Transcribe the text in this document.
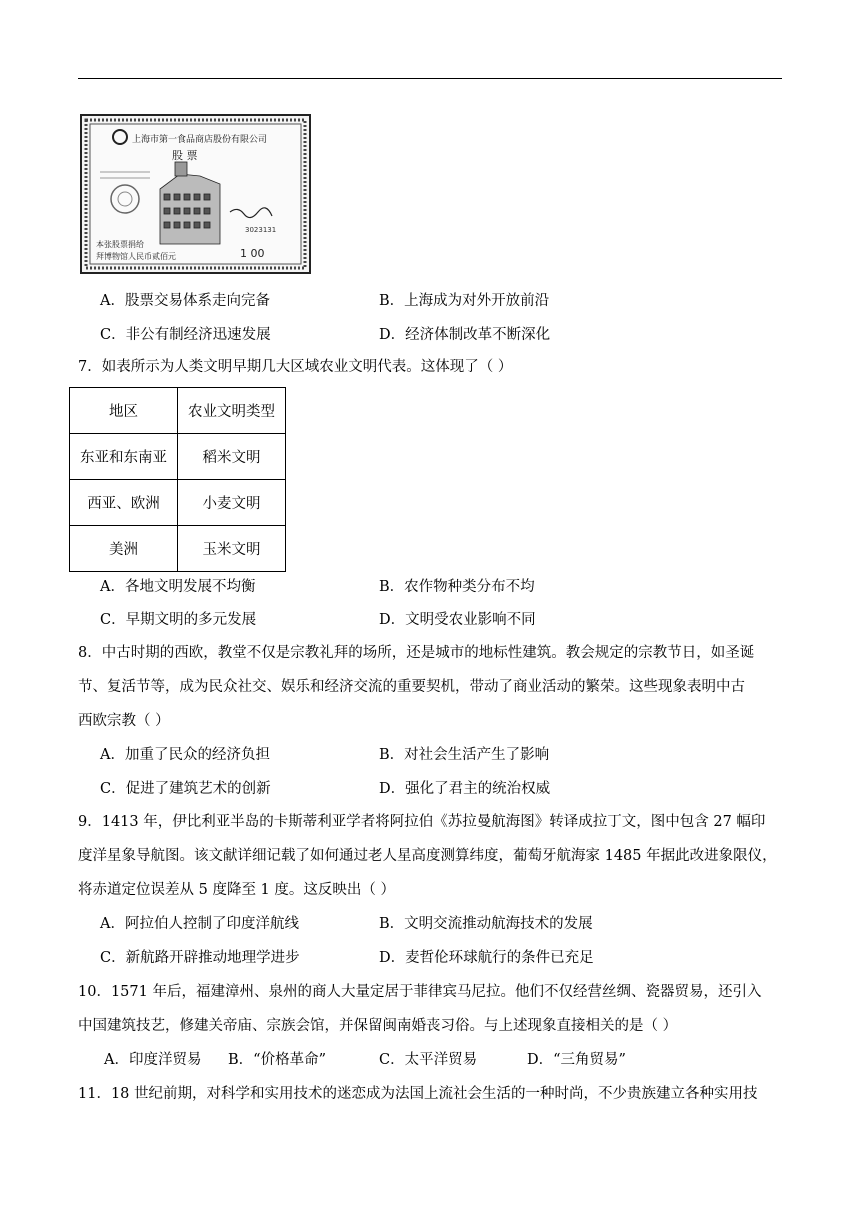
上海市第一食品商店股份有限公司
股 票
3023131
本张股票捐给
拜博物馆人民币贰佰元	1 00
A．股票交易体系走向完备	B．上海成为对外开放前沿
C．非公有制经济迅速发展	D．经济体制改革不断深化
7．如表所示为人类文明早期几大区域农业文明代表。这体现了（ ）
地区	农业文明类型
东亚和东南亚	稻米文明
西亚、欧洲	小麦文明
美洲	玉米文明
A．各地文明发展不均衡	B．农作物种类分布不均
C．早期文明的多元发展	D．文明受农业影响不同
8．中古时期的西欧，教堂不仅是宗教礼拜的场所，还是城市的地标性建筑。教会规定的宗教节日，如圣诞
节、复活节等，成为民众社交、娱乐和经济交流的重要契机，带动了商业活动的繁荣。这些现象表明中古
西欧宗教（ ）
A．加重了民众的经济负担	B．对社会生活产生了影响
C．促进了建筑艺术的创新	D．强化了君主的统治权威
9．1413 年，伊比利亚半岛的卡斯蒂利亚学者将阿拉伯《苏拉曼航海图》转译成拉丁文，图中包含 27 幅印
度洋星象导航图。该文献详细记载了如何通过老人星高度测算纬度，葡萄牙航海家 1485 年据此改进象限仪，
将赤道定位误差从 5 度降至 1 度。这反映出（ ）
A．阿拉伯人控制了印度洋航线	B．文明交流推动航海技术的发展
C．新航路开辟推动地理学进步	D．麦哲伦环球航行的条件已充足
10．1571 年后，福建漳州、泉州的商人大量定居于菲律宾马尼拉。他们不仅经营丝绸、瓷器贸易，还引入
中国建筑技艺，修建关帝庙、宗族会馆，并保留闽南婚丧习俗。与上述现象直接相关的是（ ）
A．印度洋贸易 B．“价格革命”	C．太平洋贸易	D．“三角贸易”
11．18 世纪前期，对科学和实用技术的迷恋成为法国上流社会生活的一种时尚，不少贵族建立各种实用技
